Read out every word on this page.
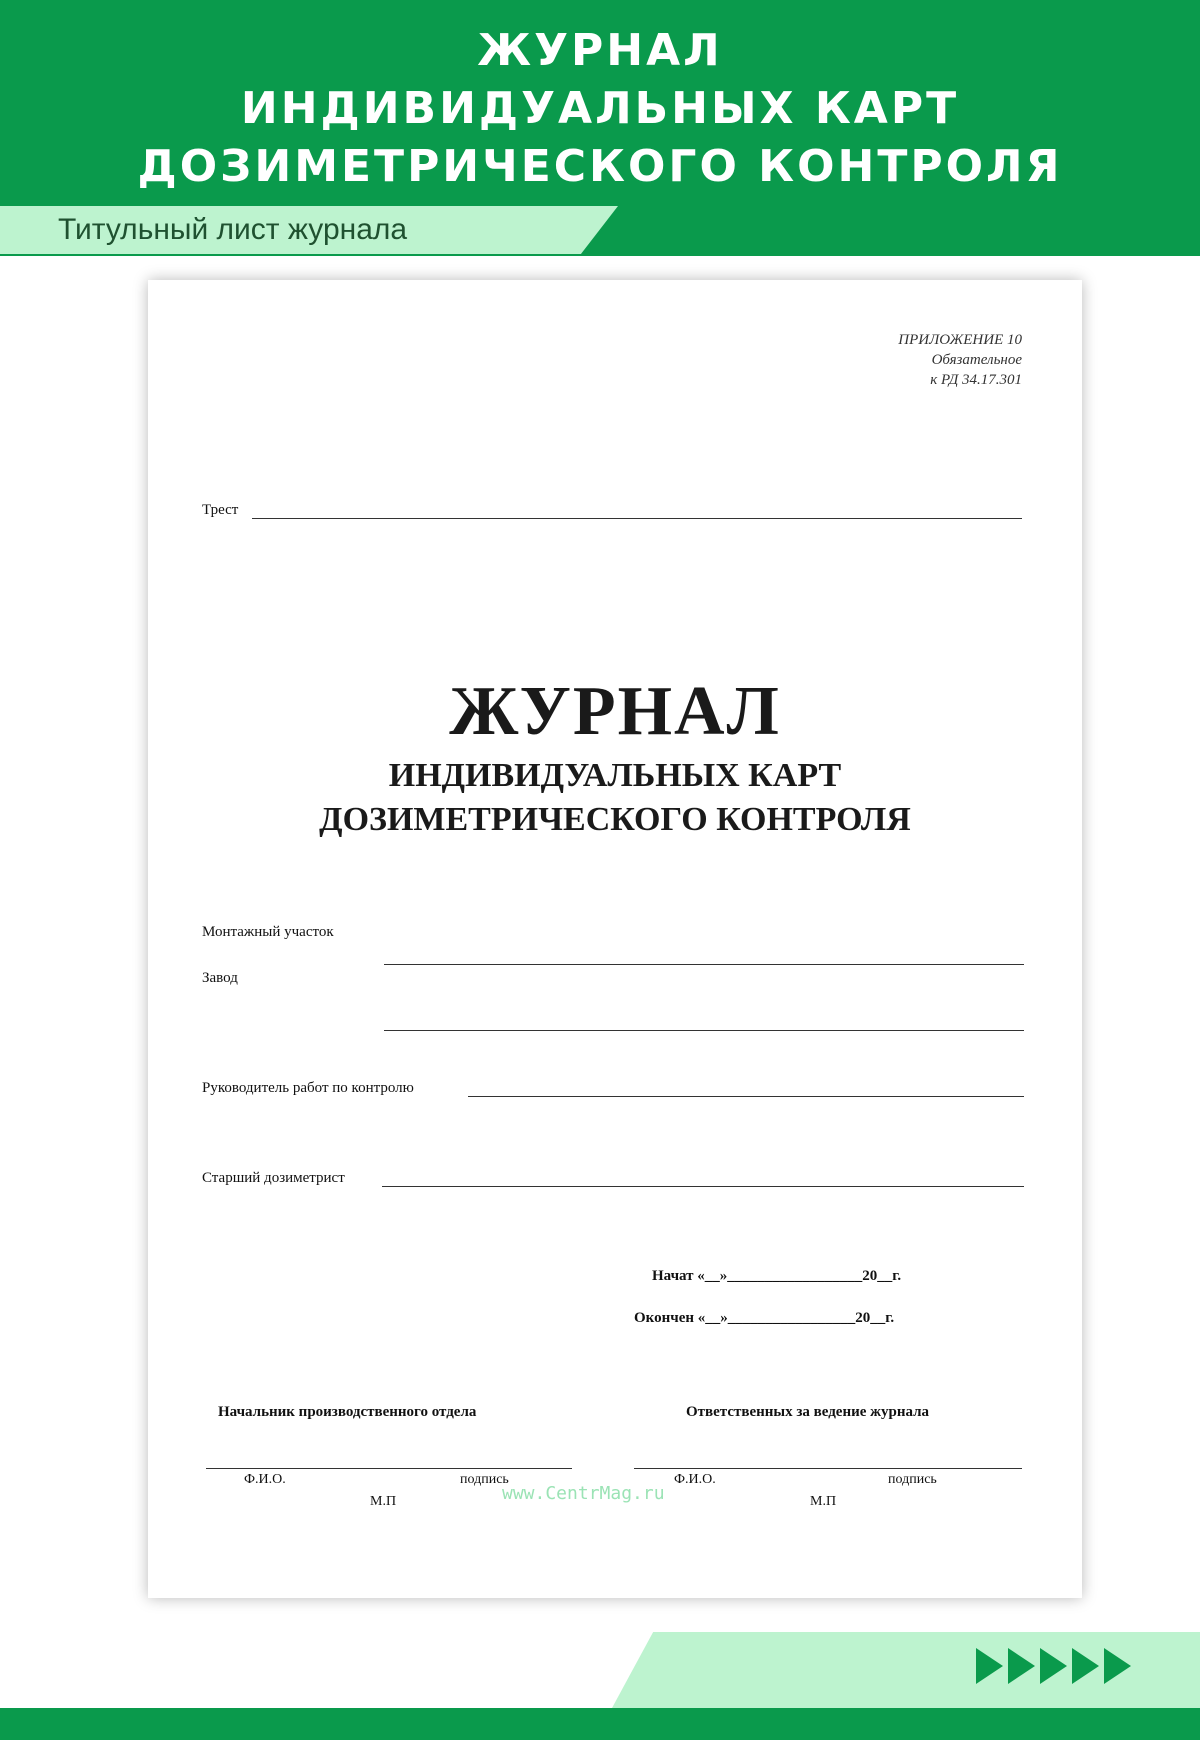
ЖУРНАЛ
ИНДИВИДУАЛЬНЫХ КАРТ
ДОЗИМЕТРИЧЕСКОГО КОНТРОЛЯ
Титульный лист журнала
ПРИЛОЖЕНИЕ 10
Обязательное
к РД 34.17.301
Трест
ЖУРНАЛ
ИНДИВИДУАЛЬНЫХ КАРТ
ДОЗИМЕТРИЧЕСКОГО КОНТРОЛЯ
Монтажный участок
Завод
Руководитель работ по контролю
Старший дозиметрист
Начат «__»__________________20__г.
Окончен «__»_________________20__г.
Начальник производственного отдела
Ф.И.О.	подпись
М.П
Ответственных за ведение журнала
Ф.И.О.	подпись
М.П
www.CentrMag.ru
